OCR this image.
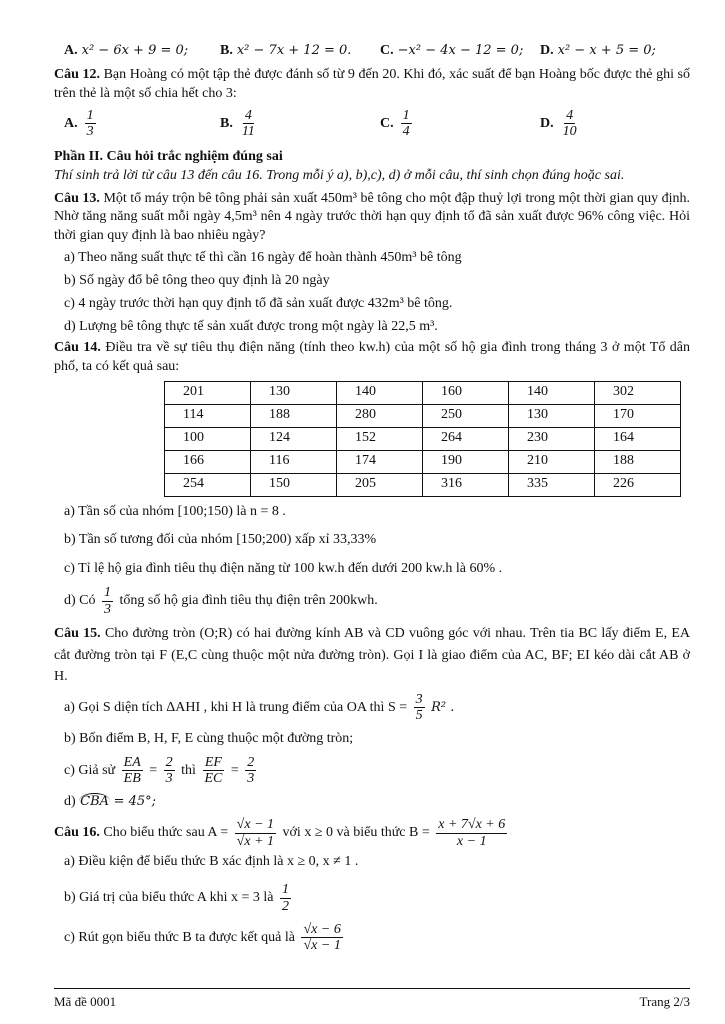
A. x² − 6x + 9 = 0; B. x² − 7x + 12 = 0. C. −x² − 4x − 12 = 0; D. x² − x + 5 = 0;

Câu 12. Bạn Hoàng có một tập thẻ được đánh số từ 9 đến 20. Khi đó, xác suất để bạn Hoàng bốc được thẻ ghi số trên thẻ là một số chia hết cho 3:

A. $\frac{1}{3}$	B. $\frac{4}{11}$	C. $\frac{1}{4}$	D. $\frac{4}{10}$

Phần II. Câu hỏi trắc nghiệm đúng sai

Thí sinh trả lời từ câu 13 đến câu 16. Trong mỗi ý a), b),c), d) ở mỗi câu, thí sinh chọn đúng hoặc sai.

Câu 13. Một tổ máy trộn bê tông phải sản xuất 450m³ bê tông cho một đập thuỷ lợi trong một thời gian quy định. Nhờ tăng năng suất mỗi ngày 4,5m³ nên 4 ngày trước thời hạn quy định tổ đã sản xuất được 96% công việc. Hỏi thời gian quy định là bao nhiêu ngày?

a) Theo năng suất thực tế thì cần 16 ngày để hoàn thành 450m³ bê tông

b) Số ngày đổ bê tông theo quy định là 20 ngày

c) 4 ngày trước thời hạn quy định tổ đã sản xuất được 432m³ bê tông.

d) Lượng bê tông thực tế sản xuất được trong một ngày là 22,5 m³.

Câu 14. Điều tra về sự tiêu thụ điện năng (tính theo kw.h) của một số hộ gia đình trong tháng 3 ở một Tổ dân phố, ta có kết quả sau:

201	130	140	160	140	302
114	188	280	250	130	170
100	124	152	264	230	164
166	116	174	190	210	188
254	150	205	316	335	226

a) Tần số của nhóm [100;150) là n = 8 .

b) Tần số tương đối của nhóm [150;200) xấp xỉ 33,33%

c) Tỉ lệ hộ gia đình tiêu thụ điện năng từ 100 kw.h đến dưới 200 kw.h là 60% .

d) Có $\frac{1}{3}$ tổng số hộ gia đình tiêu thụ điện trên 200kwh.

Câu 15. Cho đường tròn (O;R) có hai đường kính AB và CD vuông góc với nhau. Trên tia BC lấy điểm E, EA cắt đường tròn tại F (E,C cùng thuộc một nửa đường tròn). Gọi I là giao điểm của AC, BF; EI kéo dài cắt AB ở H.

a) Gọi S diện tích ΔAHI , khi H là trung điểm của OA thì $S = \frac{3}{5} R^2$ .

b) Bốn điểm B, H, F, E cùng thuộc một đường tròn;

c) Giả sử $\frac{EA}{EB} = \frac{2}{3}$ thì $\frac{EF}{EC} = \frac{2}{3}$

d) CBA = 45°;

Câu 16. Cho biểu thức sau $A = \frac{√x - 1}{√x + 1}$ với x ≥ 0 và biểu thức $B = \frac{x + 7√x + 6}{x - 1}$

a) Điều kiện để biểu thức B xác định là x ≥ 0, x ≠ 1 .

b) Giá trị của biểu thức A khi x = 3 là $\frac{1}{2}$

c) Rút gọn biểu thức B ta được kết quả là $\frac{√x - 6}{√x - 1}$

Mã đề 0001	Trang 2/3
